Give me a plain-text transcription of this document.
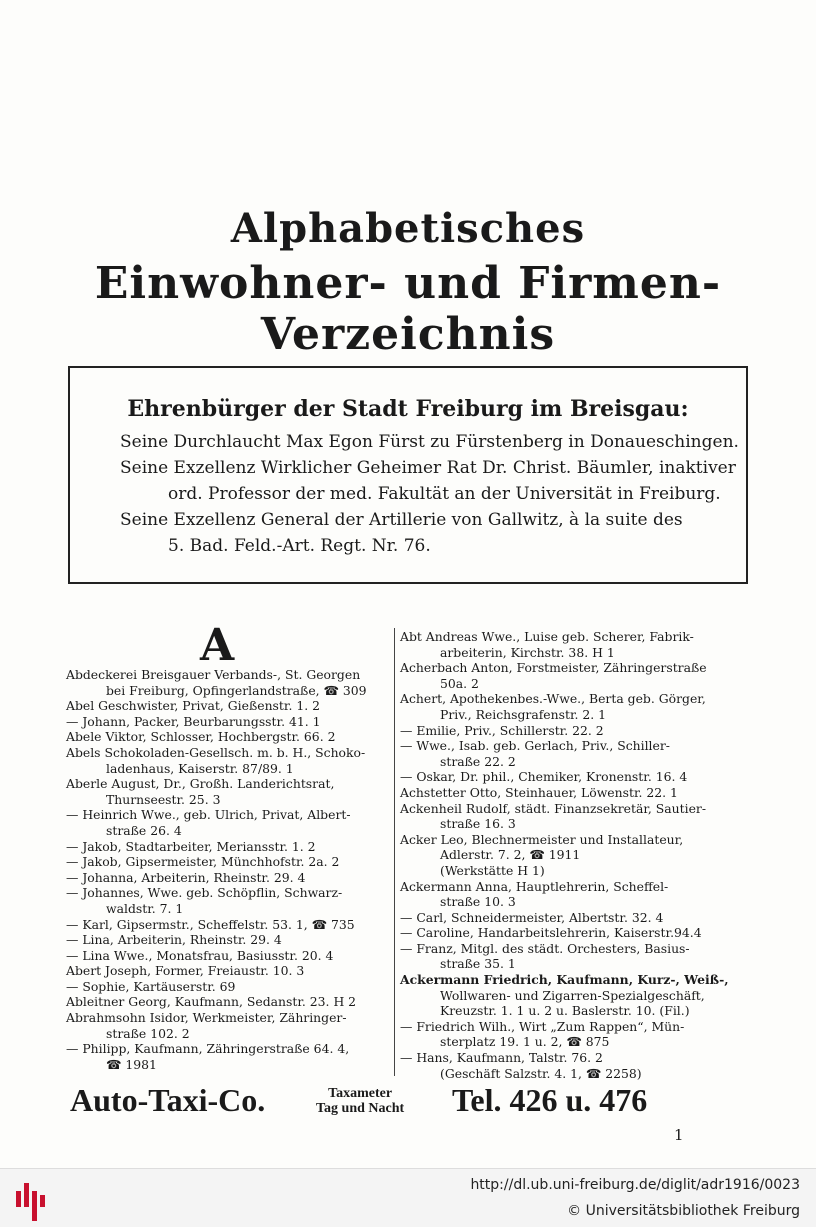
Alphabetisches
Einwohner- und Firmen-Verzeichnis
Ehrenbürger der Stadt Freiburg im Breisgau:
Seine Durchlaucht Max Egon Fürst zu Fürstenberg in Donaueschingen.
Seine Exzellenz Wirklicher Geheimer Rat Dr. Christ. Bäumler, inaktiver
ord. Professor der med. Fakultät an der Universität in Freiburg.
Seine Exzellenz General der Artillerie von Gallwitz, à la suite des
5. Bad. Feld.-Art. Regt. Nr. 76.
A
Abdeckerei Breisgauer Verbands-, St. Georgen
bei Freiburg, Opfingerlandstraße, ☎ 309
Abel Geschwister, Privat, Gießenstr. 1. 2
— Johann, Packer, Beurbarungsstr. 41. 1
Abele Viktor, Schlosser, Hochbergstr. 66. 2
Abels Schokoladen-Gesellsch. m. b. H., Schoko-
ladenhaus, Kaiserstr. 87/89. 1
Aberle August, Dr., Großh. Landerichtsrat,
Thurnseestr. 25. 3
— Heinrich Wwe., geb. Ulrich, Privat, Albert-
straße 26. 4
— Jakob, Stadtarbeiter, Meriansstr. 1. 2
— Jakob, Gipsermeister, Münchhofstr. 2a. 2
— Johanna, Arbeiterin, Rheinstr. 29. 4
— Johannes, Wwe. geb. Schöpflin, Schwarz-
waldstr. 7. 1
— Karl, Gipsermstr., Scheffelstr. 53. 1, ☎ 735
— Lina, Arbeiterin, Rheinstr. 29. 4
— Lina Wwe., Monatsfrau, Basiusstr. 20. 4
Abert Joseph, Former, Freiaustr. 10. 3
— Sophie, Kartäuserstr. 69
Ableitner Georg, Kaufmann, Sedanstr. 23. H 2
Abrahmsohn Isidor, Werkmeister, Zähringer-
straße 102. 2
— Philipp, Kaufmann, Zähringerstraße 64. 4,
☎ 1981
Abt Andreas Wwe., Luise geb. Scherer, Fabrik-
arbeiterin, Kirchstr. 38. H 1
Acherbach Anton, Forstmeister, Zähringerstraße
50a. 2
Achert, Apothekenbes.-Wwe., Berta geb. Görger,
Priv., Reichsgrafenstr. 2. 1
— Emilie, Priv., Schillerstr. 22. 2
— Wwe., Isab. geb. Gerlach, Priv., Schiller-
straße 22. 2
— Oskar, Dr. phil., Chemiker, Kronenstr. 16. 4
Achstetter Otto, Steinhauer, Löwenstr. 22. 1
Ackenheil Rudolf, städt. Finanzsekretär, Sautier-
straße 16. 3
Acker Leo, Blechnermeister und Installateur,
Adlerstr. 7. 2, ☎ 1911
(Werkstätte H 1)
Ackermann Anna, Hauptlehrerin, Scheffel-
straße 10. 3
— Carl, Schneidermeister, Albertstr. 32. 4
— Caroline, Handarbeitslehrerin, Kaiserstr.94.4
— Franz, Mitgl. des städt. Orchesters, Basius-
straße 35. 1
Ackermann Friedrich, Kaufmann, Kurz-, Weiß-,
Wollwaren- und Zigarren-Spezialgeschäft,
Kreuzstr. 1. 1 u. 2 u. Baslerstr. 10. (Fil.)
— Friedrich Wilh., Wirt „Zum Rappen“, Mün-
sterplatz 19. 1 u. 2, ☎ 875
— Hans, Kaufmann, Talstr. 76. 2
(Geschäft Salzstr. 4. 1, ☎ 2258)
Auto-Taxi-Co.	Taxameter
Tag und Nacht Tel. 426 u. 476
1
http://dl.ub.uni-freiburg.de/diglit/adr1916/0023
© Universitätsbibliothek Freiburg
